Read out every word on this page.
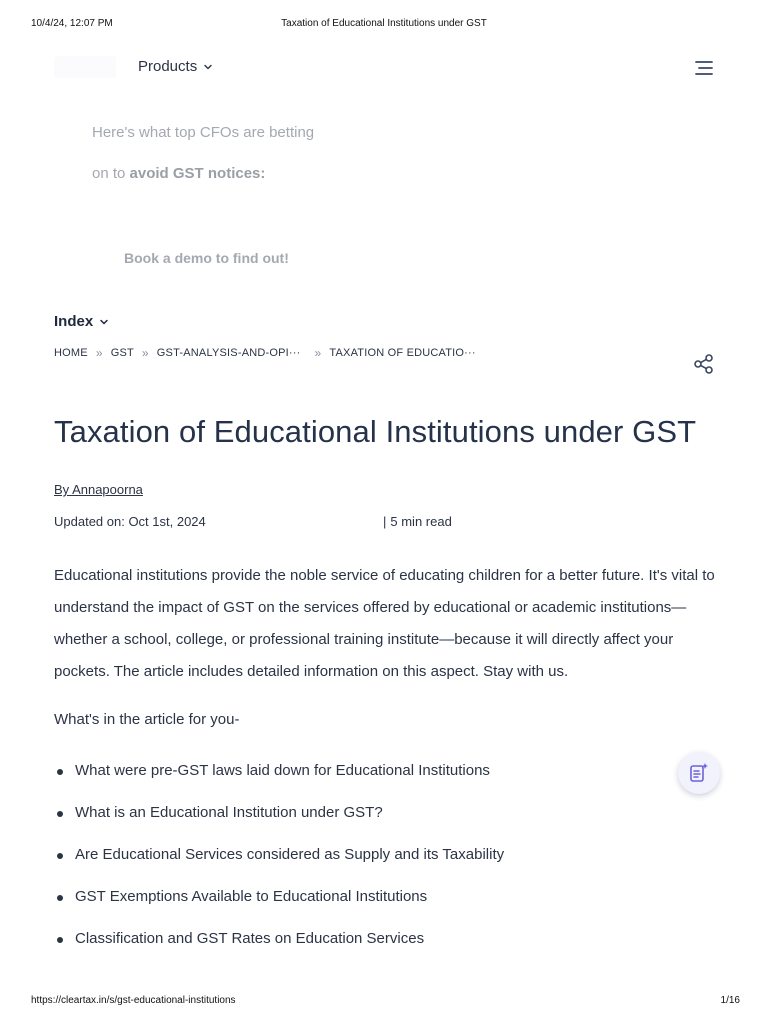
10/4/24, 12:07 PM	Taxation of Educational Institutions under GST
Products
Here's what top CFOs are betting
on to avoid GST notices:
Book a demo to find out!
Index
HOME » GST » GST-ANALYSIS-AND-OPI··· » TAXATION OF EDUCATIO···
Taxation of Educational Institutions under GST
By Annapoorna
Updated on: Oct 1st, 2024	| 5 min read

Educational institutions provide the noble service of educating children for a better future. It's vital to understand the impact of GST on the services offered by educational or academic institutions—whether a school, college, or professional training institute—because it will directly affect your pockets. The article includes detailed information on this aspect. Stay with us.

What's in the article for you-

What were pre-GST laws laid down for Educational Institutions
What is an Educational Institution under GST?
Are Educational Services considered as Supply and its Taxability
GST Exemptions Available to Educational Institutions
Classification and GST Rates on Education Services
https://cleartax.in/s/gst-educational-institutions	1/16
